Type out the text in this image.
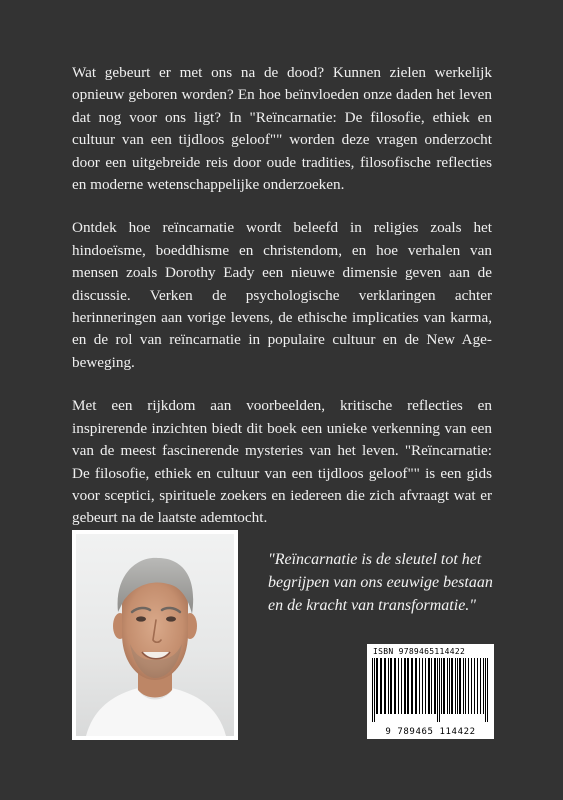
Wat gebeurt er met ons na de dood? Kunnen zielen werkelijk opnieuw geboren worden? En hoe beïnvloeden onze daden het leven dat nog voor ons ligt? In "Reïncarnatie: De filosofie, ethiek en cultuur van een tijdloos geloof"" worden deze vragen onderzocht door een uitgebreide reis door oude tradities, filosofische reflecties en moderne wetenschappelijke onderzoeken.

Ontdek hoe reïncarnatie wordt beleefd in religies zoals het hindoeïsme, boeddhisme en christendom, en hoe verhalen van mensen zoals Dorothy Eady een nieuwe dimensie geven aan de discussie. Verken de psychologische verklaringen achter herinneringen aan vorige levens, de ethische implicaties van karma, en de rol van reïncarnatie in populaire cultuur en de New Age-beweging.

Met een rijkdom aan voorbeelden, kritische reflecties en inspirerende inzichten biedt dit boek een unieke verkenning van een van de meest fascinerende mysteries van het leven. "Reïncarnatie: De filosofie, ethiek en cultuur van een tijdloos geloof"" is een gids voor sceptici, spirituele zoekers en iedereen die zich afvraagt wat er gebeurt na de laatste ademtocht.

"Reïncarnatie is de sleutel tot het begrijpen van ons eeuwige bestaan en de kracht van transformatie."
ISBN 9789465114422
9 789465 114422
